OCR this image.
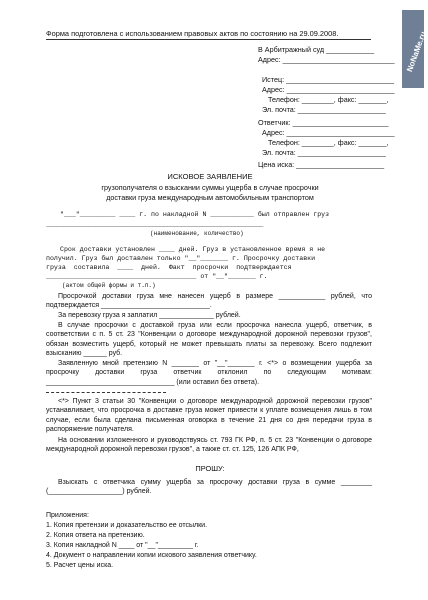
NoNaMe.ru
Форма подготовлена с использованием правовых актов по состоянию на 29.09.2008.
В Арбитражный суд ____________
Адрес: ____________________________
Истец: ___________________________
Адрес: ___________________________
Телефон: ________, факс: _______,
Эл. почта: ______________________
Ответчик: ________________________
Адрес: ___________________________
Телефон: ________, факс: _______,
Эл. почта: ______________________
Цена иска: ______________________
ИСКОВОЕ ЗАЯВЛЕНИЕ
грузополучателя о взыскании суммы ущерба в случае просрочки
доставки груза международным автомобильным транспортом
"___"_________ ____ г. по накладной N ___________ был отправлен груз
_____________________________________________________________
(наименование, количество)
Срок доставки установлен ____ дней. Груз в установленное время я не
получил. Груз был доставлен только "__"_______ г. Просрочку доставки
груза составила ____ дней. Факт просрочки подтверждается
______________________________________ от "__"_______ г.
(актом общей формы и т.п.)
Просрочкой доставки груза мне нанесен ущерб в размере ____________ рублей, что подтверждается ____________________________.
За перевозку груза я заплатил ______________ рублей.
В случае просрочки с доставкой груза или если просрочка нанесла ущерб, ответчик, в соответствии с п. 5 ст. 23 "Конвенции о договоре международной дорожной перевозки грузов", обязан возместить ущерб, который не может превышать платы за перевозку. Всего подлежит взысканию ______ руб.
Заявленную мной претензию N _______ от "__"_______ г. <*> о возмещении ущерба за просрочку доставки груза ответчик отклонил по следующим мотивам: _________________________________ (или оставил без ответа).
<*> Пункт 3 статьи 30 "Конвенции о договоре международной дорожной перевозки грузов" устанавливает, что просрочка в доставке груза может привести к уплате возмещения лишь в том случае, если была сделана письменная оговорка в течение 21 дня со дня передачи груза в распоряжение получателя.
На основании изложенного и руководствуясь ст. 793 ГК РФ, п. 5 ст. 23 "Конвенции о договоре международной дорожной перевозки грузов", а также ст. ст. 125, 126 АПК РФ,
ПРОШУ:
Взыскать с ответчика сумму ущерба за просрочку доставки груза в сумме ________ (___________________) рублей.
Приложения:
1. Копия претензии и доказательство ее отсылки.
2. Копия ответа на претензию.
3. Копия накладной N ____ от "__"_________ г.
4. Документ о направлении копии искового заявления ответчику.
5. Расчет цены иска.
